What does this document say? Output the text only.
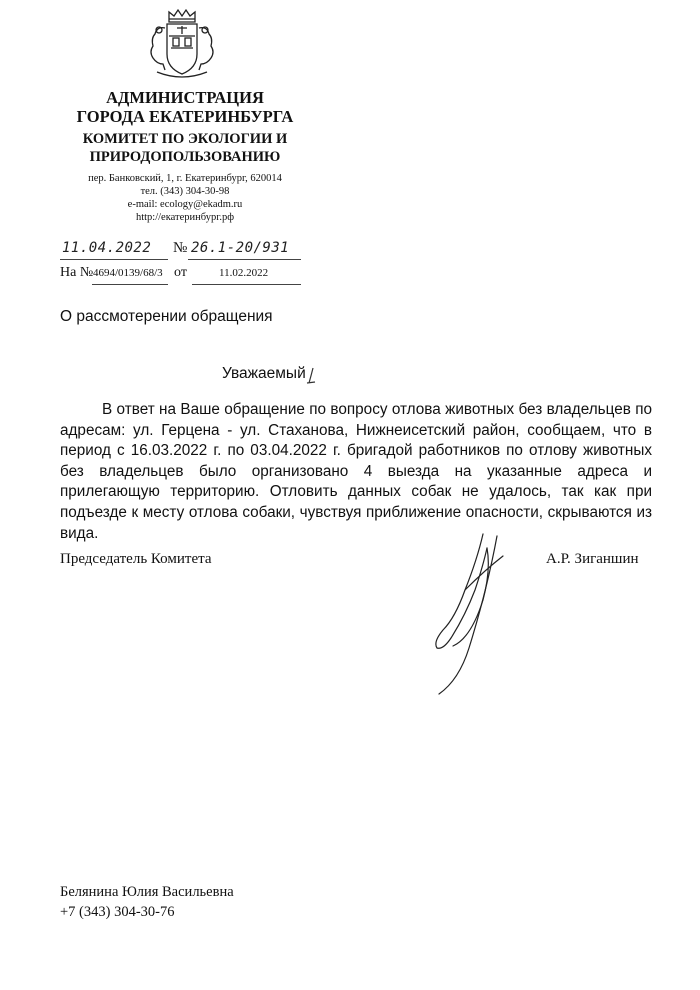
АДМИНИСТРАЦИЯ
ГОРОДА ЕКАТЕРИНБУРГА
КОМИТЕТ ПО ЭКОЛОГИИ И
ПРИРОДОПОЛЬЗОВАНИЮ
пер. Банковский, 1, г. Екатеринбург, 620014
тел. (343) 304-30-98
e-mail: ecology@ekadm.ru
http://екатеринбург.рф
11.04.2022 № 26.1-20/931
На № 4694/0139/68/3 от	11.02.2022
О рассмотерении обращения
Уважаемый

В ответ на Ваше обращение по вопросу отлова животных без владельцев по адресам: ул. Герцена - ул. Стаханова, Нижнеисетский район, сообщаем, что в период с 16.03.2022 г. по 03.04.2022 г. бригадой работников по отлову животных без владельцев было организовано 4 выезда на указанные адреса и прилегающую территорию. Отловить данных собак не удалось, так как при подъезде к месту отлова собаки, чувствуя приближение опасности, скрываются из вида.

Председатель Комитета	А.Р. Зиганшин
Белянина Юлия Васильевна
+7 (343) 304-30-76
